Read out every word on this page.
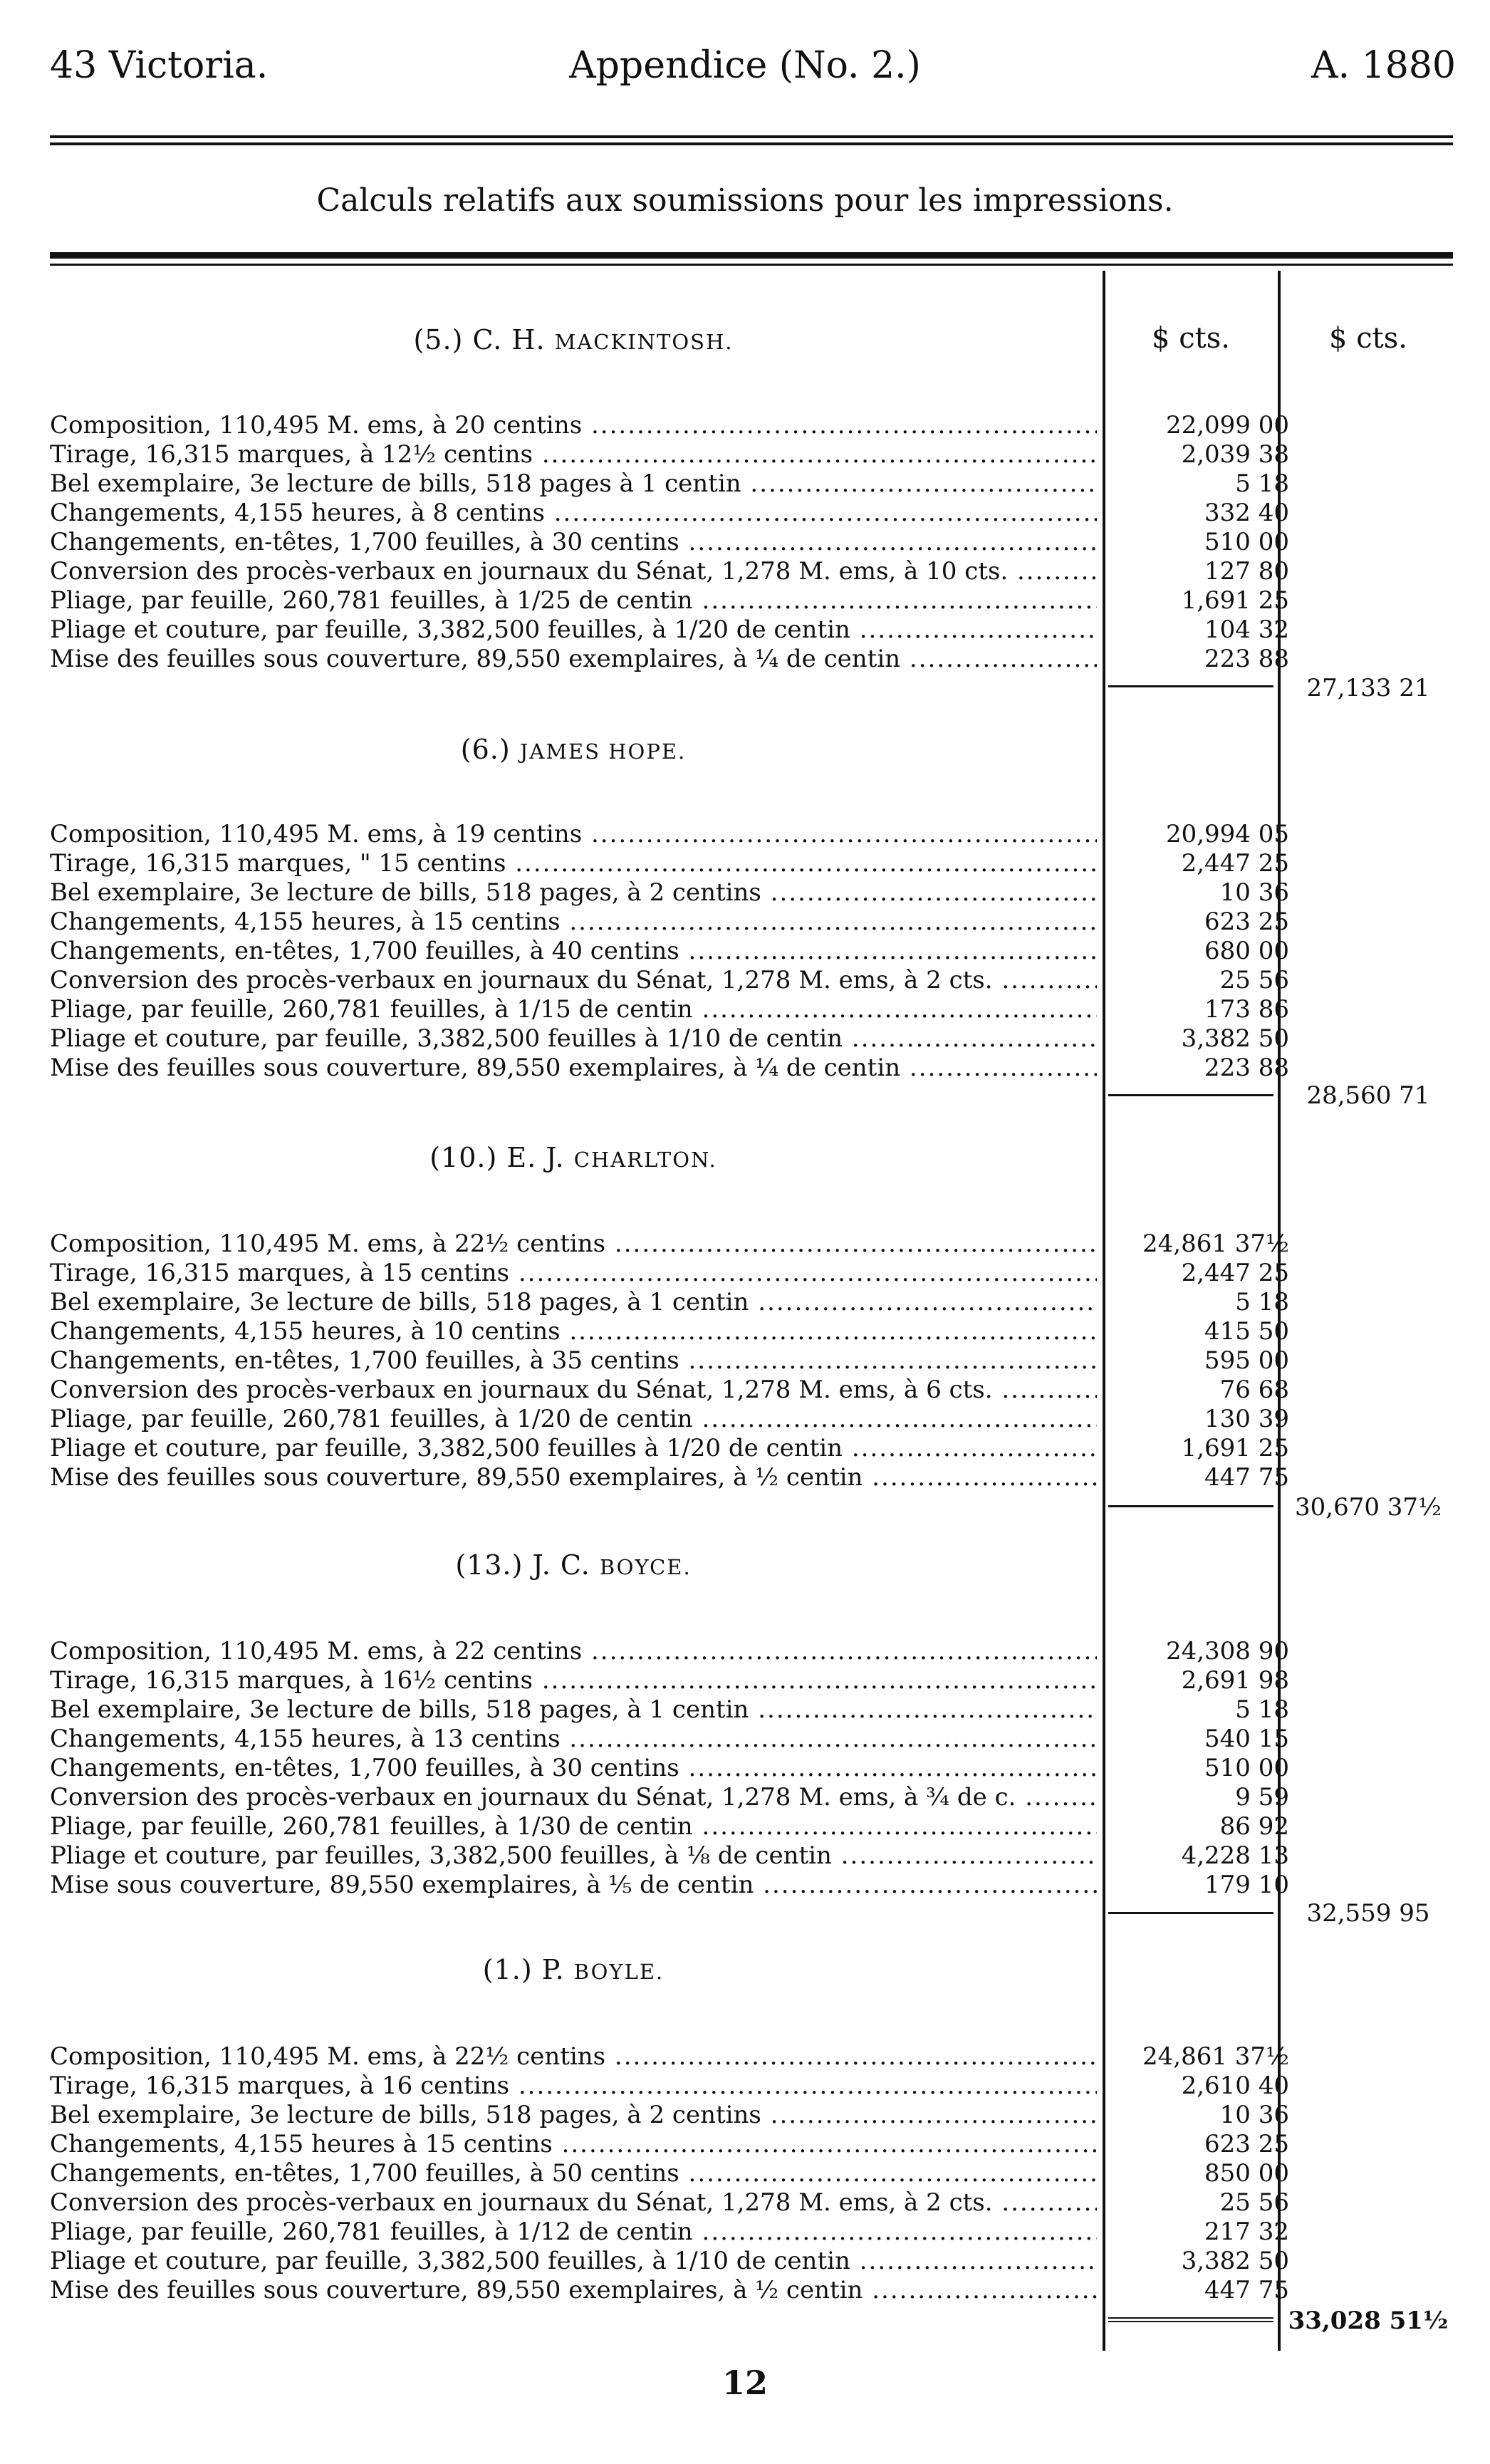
43 Victoria.	Appendice (No. 2.)	A. 1880
Calculs relatifs aux soumissions pour les impressions.
$ cts.	$ cts.
(5.) C. H. MACKINTOSH.
Composition, 110,495 M. ems, à 20 centins .....	22,099 00
Tirage, 16,315 marques, à 12½ centins .....	2,039 38
Bel exemplaire, 3e lecture de bills, 518 pages à 1 centin .....	5 18
Changements, 4,155 heures, à 8 centins .....	332 40
Changements, en-têtes, 1,700 feuilles, à 30 centins .....	510 00
Conversion des procès-verbaux en journaux du Sénat, 1,278 M. ems, à 10 cts. .....	127 80
Pliage, par feuille, 260,781 feuilles, à 1/25 de centin .....	1,691 25
Pliage et couture, par feuille, 3,382,500 feuilles, à 1/20 de centin .....	104 32
Mise des feuilles sous couverture, 89,550 exemplaires, à ¼ de centin .....	223 88
27,133 21
(6.) JAMES HOPE.
Composition, 110,495 M. ems, à 19 centins .....	20,994 05
Tirage, 16,315 marques, " 15 centins .....	2,447 25
Bel exemplaire, 3e lecture de bills, 518 pages, à 2 centins .....	10 36
Changements, 4,155 heures, à 15 centins .....	623 25
Changements, en-têtes, 1,700 feuilles, à 40 centins .....	680 00
Conversion des procès-verbaux en journaux du Sénat, 1,278 M. ems, à 2 cts. .....	25 56
Pliage, par feuille, 260,781 feuilles, à 1/15 de centin .....	173 86
Pliage et couture, par feuille, 3,382,500 feuilles à 1/10 de centin .....	3,382 50
Mise des feuilles sous couverture, 89,550 exemplaires, à ¼ de centin .....	223 88
28,560 71
(10.) E. J. CHARLTON.
Composition, 110,495 M. ems, à 22½ centins .....	24,861 37½
Tirage, 16,315 marques, à 15 centins .....	2,447 25
Bel exemplaire, 3e lecture de bills, 518 pages, à 1 centin .....	5 18
Changements, 4,155 heures, à 10 centins .....	415 50
Changements, en-têtes, 1,700 feuilles, à 35 centins .....	595 00
Conversion des procès-verbaux en journaux du Sénat, 1,278 M. ems, à 6 cts. .....	76 68
Pliage, par feuille, 260,781 feuilles, à 1/20 de centin .....	130 39
Pliage et couture, par feuille, 3,382,500 feuilles à 1/20 de centin .....	1,691 25
Mise des feuilles sous couverture, 89,550 exemplaires, à ½ centin .....	447 75
30,670 37½
(13.) J. C. BOYCE.
Composition, 110,495 M. ems, à 22 centins .....	24,308 90
Tirage, 16,315 marques, à 16½ centins .....	2,691 98
Bel exemplaire, 3e lecture de bills, 518 pages, à 1 centin .....	5 18
Changements, 4,155 heures, à 13 centins .....	540 15
Changements, en-têtes, 1,700 feuilles, à 30 centins .....	510 00
Conversion des procès-verbaux en journaux du Sénat, 1,278 M. ems, à ¾ de c. .....	9 59
Pliage, par feuille, 260,781 feuilles, à 1/30 de centin .....	86 92
Pliage et couture, par feuilles, 3,382,500 feuilles, à ⅛ de centin .....	4,228 13
Mise sous couverture, 89,550 exemplaires, à ⅕ de centin .....	179 10
32,559 95
(1.) P. BOYLE.
Composition, 110,495 M. ems, à 22½ centins .....	24,861 37½
Tirage, 16,315 marques, à 16 centins .....	2,610 40
Bel exemplaire, 3e lecture de bills, 518 pages, à 2 centins .....	10 36
Changements, 4,155 heures à 15 centins .....	623 25
Changements, en-têtes, 1,700 feuilles, à 50 centins .....	850 00
Conversion des procès-verbaux en journaux du Sénat, 1,278 M. ems, à 2 cts. .....	25 56
Pliage, par feuille, 260,781 feuilles, à 1/12 de centin .....	217 32
Pliage et couture, par feuille, 3,382,500 feuilles, à 1/10 de centin .....	3,382 50
Mise des feuilles sous couverture, 89,550 exemplaires, à ½ centin .....	447 75
33,028 51½
12
